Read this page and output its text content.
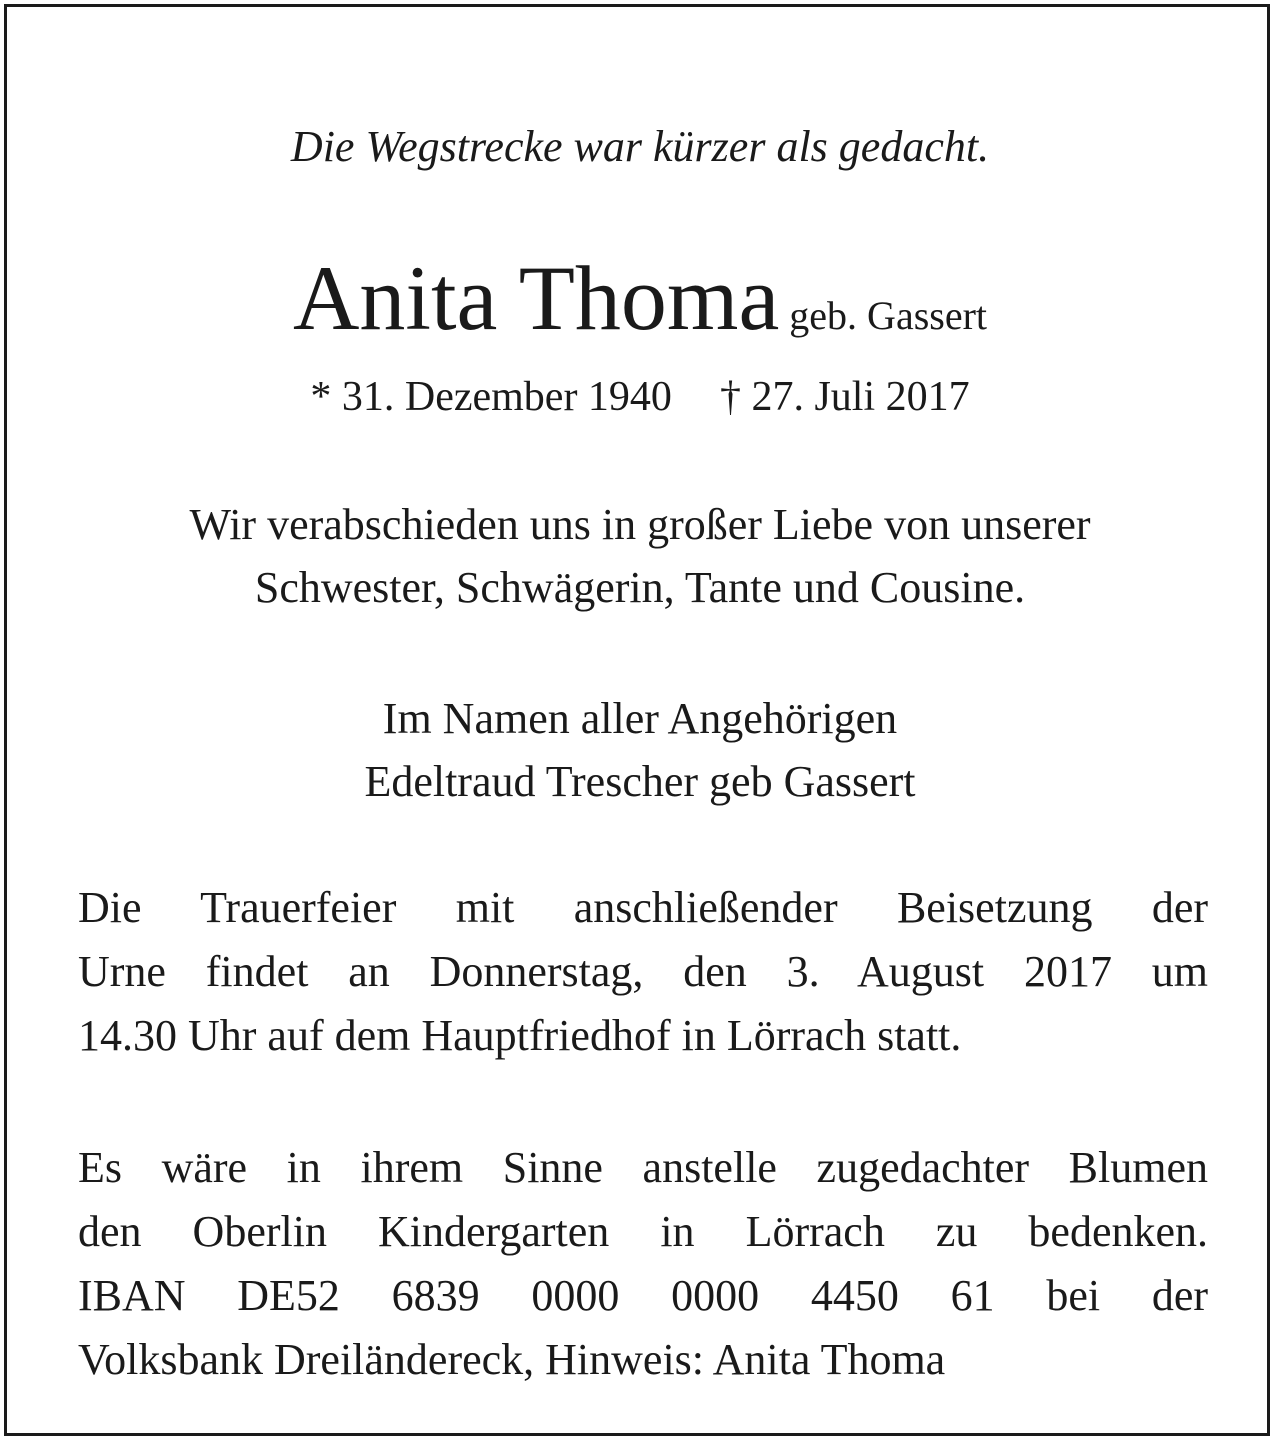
Die Wegstrecke war kürzer als gedacht.
Anita Thoma geb. Gassert
* 31. Dezember 1940 † 27. Juli 2017
Wir verabschieden uns in großer Liebe von unserer
Schwester, Schwägerin, Tante und Cousine.
Im Namen aller Angehörigen
Edeltraud Trescher geb Gassert
Die Trauerfeier mit anschließender Beisetzung der
Urne findet an Donnerstag, den 3. August 2017 um
14.30 Uhr auf dem Hauptfriedhof in Lörrach statt.
Es wäre in ihrem Sinne anstelle zugedachter Blumen
den Oberlin Kindergarten in Lörrach zu bedenken.
IBAN DE52 6839 0000 0000 4450 61 bei der
Volksbank Dreiländereck, Hinweis: Anita Thoma
